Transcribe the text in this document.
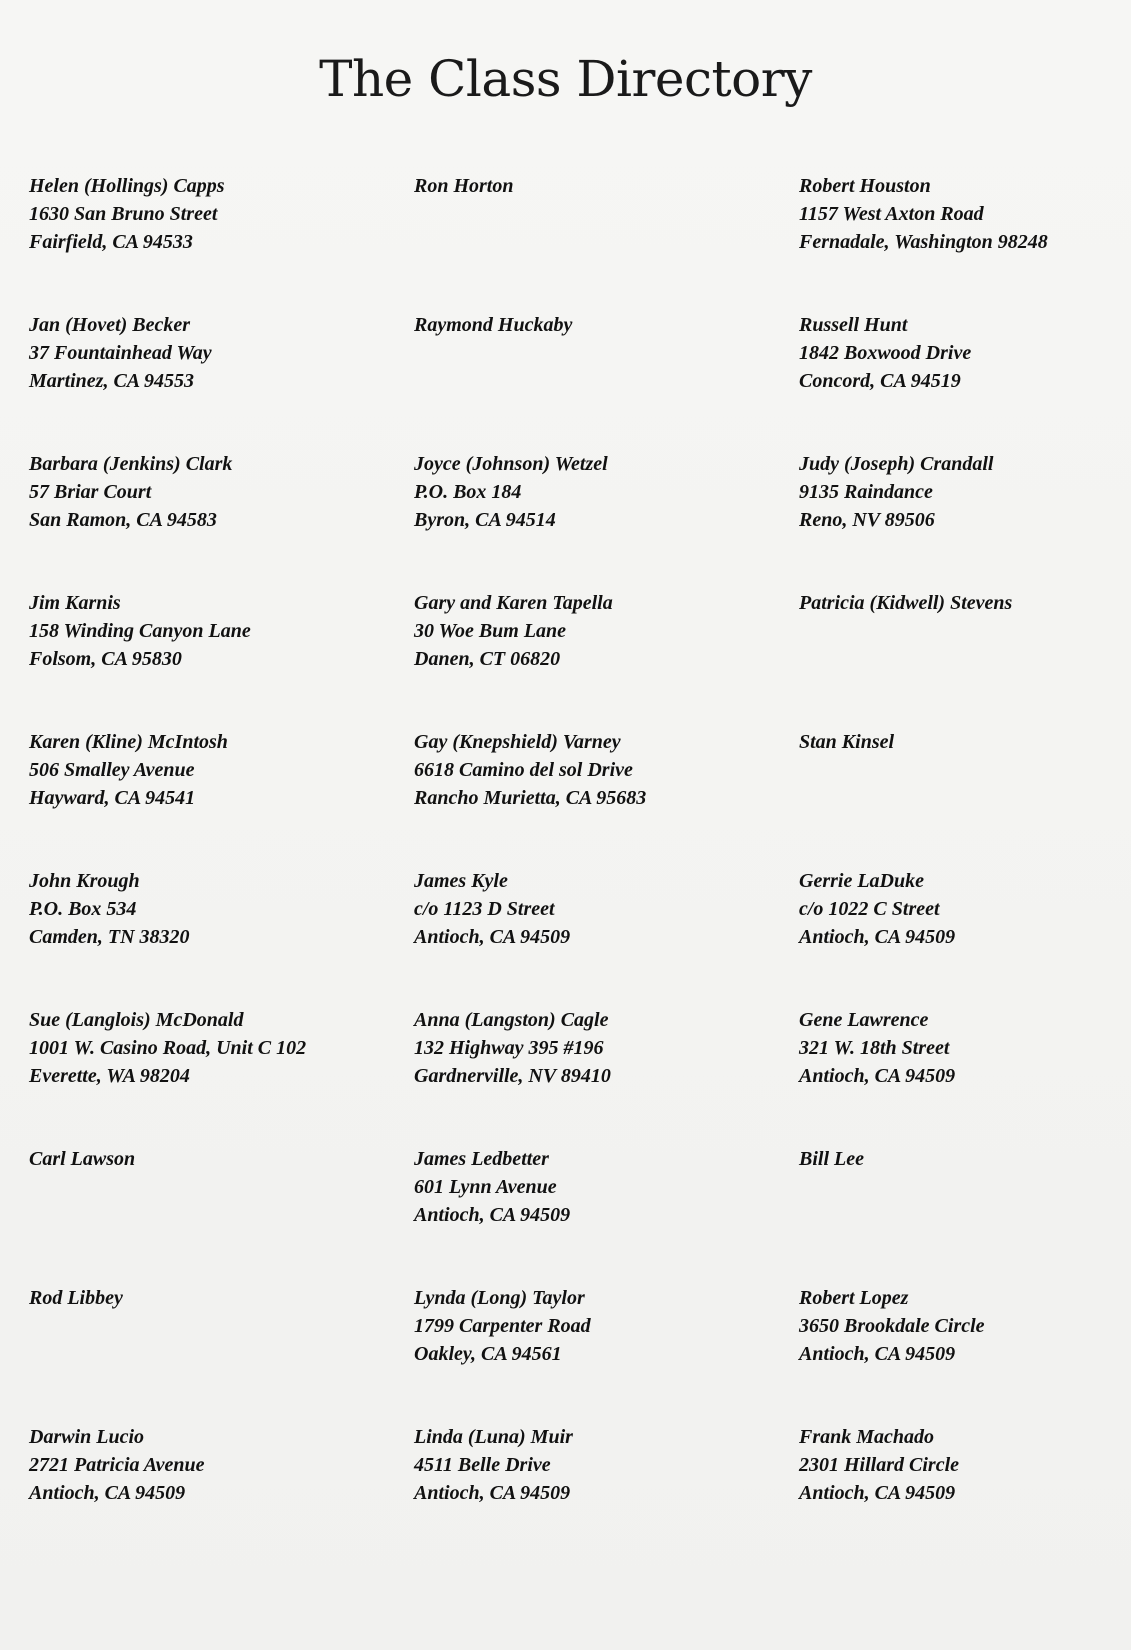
The Class Directory
Helen (Hollings) Capps
1630 San Bruno Street
Fairfield, CA 94533
Ron Horton	Robert Houston
1157 West Axton Road
Fernadale, Washington 98248
Jan (Hovet) Becker
37 Fountainhead Way
Martinez, CA 94553
Raymond Huckaby	Russell Hunt
1842 Boxwood Drive
Concord, CA 94519
Barbara (Jenkins) Clark
57 Briar Court
San Ramon, CA 94583
Joyce (Johnson) Wetzel
P.O. Box 184
Byron, CA 94514
Judy (Joseph) Crandall
9135 Raindance
Reno, NV 89506
Jim Karnis
158 Winding Canyon Lane
Folsom, CA 95830
Gary and Karen Tapella
30 Woe Bum Lane
Danen, CT 06820
Patricia (Kidwell) Stevens
Karen (Kline) McIntosh
506 Smalley Avenue
Hayward, CA 94541
Gay (Knepshield) Varney
6618 Camino del sol Drive
Rancho Murietta, CA 95683
Stan Kinsel
John Krough
P.O. Box 534
Camden, TN 38320
James Kyle
c/o 1123 D Street
Antioch, CA 94509
Gerrie LaDuke
c/o 1022 C Street
Antioch, CA 94509
Sue (Langlois) McDonald
1001 W. Casino Road, Unit C 102
Everette, WA 98204
Anna (Langston) Cagle
132 Highway 395 #196
Gardnerville, NV 89410
Gene Lawrence
321 W. 18th Street
Antioch, CA 94509
Carl Lawson	James Ledbetter
601 Lynn Avenue
Antioch, CA 94509
Bill Lee
Rod Libbey	Lynda (Long) Taylor
1799 Carpenter Road
Oakley, CA 94561
Robert Lopez
3650 Brookdale Circle
Antioch, CA 94509
Darwin Lucio
2721 Patricia Avenue
Antioch, CA 94509
Linda (Luna) Muir
4511 Belle Drive
Antioch, CA 94509
Frank Machado
2301 Hillard Circle
Antioch, CA 94509
